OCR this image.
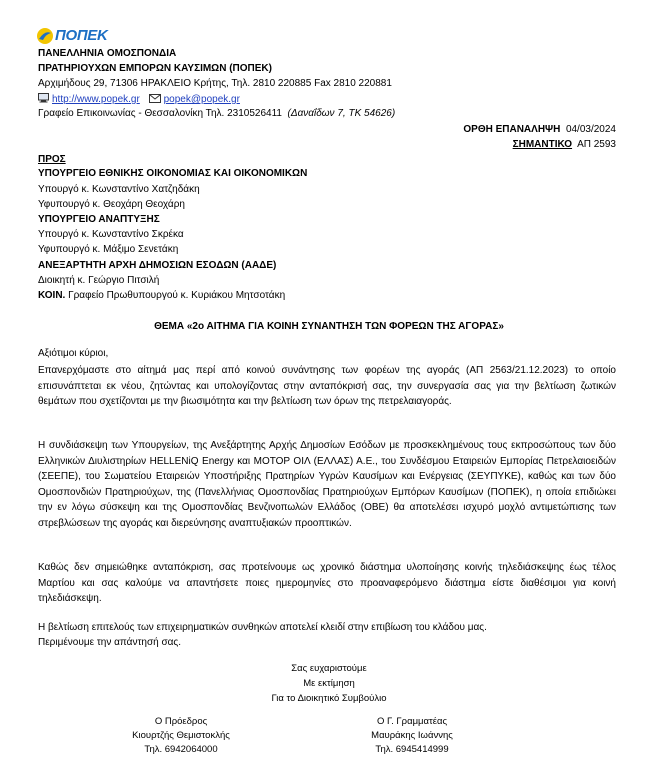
ΠΟΠΕΚ
ΠΑΝΕΛΛΗΝΙΑ ΟΜΟΣΠΟΝΔΙΑ
ΠΡΑΤΗΡΙΟΥΧΩΝ ΕΜΠΟΡΩΝ ΚΑΥΣΙΜΩΝ (ΠΟΠΕΚ)
Αρχιμήδους 29, 71306 ΗΡΑΚΛΕΙΟ Κρήτης, Τηλ. 2810 220885 Fax 2810 220881
http://www.popek.gr popek@popek.gr
Γραφείο Επικοινωνίας - Θεσσαλονίκη Τηλ. 2310526411 (Δαναΐδων 7, ΤΚ 54626)
ΟΡΘΗ ΕΠΑΝΑΛΗΨΗ 04/03/2024
ΣΗΜΑΝΤΙΚΟ ΑΠ 2593
ΠΡΟΣ
ΥΠΟΥΡΓΕΙΟ ΕΘΝΙΚΗΣ ΟΙΚΟΝΟΜΙΑΣ ΚΑΙ ΟΙΚΟΝΟΜΙΚΩΝ
Υπουργό κ. Κωνσταντίνο Χατζηδάκη
Υφυπουργό κ. Θεοχάρη Θεοχάρη
ΥΠΟΥΡΓΕΙΟ ΑΝΑΠΤΥΞΗΣ
Υπουργό κ. Κωνσταντίνο Σκρέκα
Υφυπουργό κ. Μάξιμο Σενετάκη
ΑΝΕΞΑΡΤΗΤΗ ΑΡΧΗ ΔΗΜΟΣΙΩΝ ΕΣΟΔΩΝ (ΑΑΔΕ)
Διοικητή κ. Γεώργιο Πιτσιλή
ΚΟΙΝ. Γραφείο Πρωθυπουργού κ. Κυριάκου Μητσοτάκη
ΘΕΜΑ «2ο ΑΙΤΗΜΑ ΓΙΑ ΚΟΙΝΗ ΣΥΝΑΝΤΗΣΗ ΤΩΝ ΦΟΡΕΩΝ ΤΗΣ ΑΓΟΡΑΣ»
Αξιότιμοι κύριοι,
Επανερχόμαστε στο αίτημά μας περί από κοινού συνάντησης των φορέων της αγοράς (ΑΠ 2563/21.12.2023) το οποίο επισυνάπτεται εκ νέου, ζητώντας και υπολογίζοντας στην ανταπόκρισή σας, την συνεργασία σας για την βελτίωση ζωτικών θεμάτων που σχετίζονται με την βιωσιμότητα και την βελτίωση των όρων της πετρελαιαγοράς.
Η συνδιάσκεψη των Υπουργείων, της Ανεξάρτητης Αρχής Δημοσίων Εσόδων με προσκεκλημένους τους εκπροσώπους των δύο Ελληνικών Διυλιστηρίων HELLENiQ Energy και ΜΟΤΟΡ ΟΙΛ (ΕΛΛΑΣ) Α.Ε., του Συνδέσμου Εταιρειών Εμπορίας Πετρελαιοειδών (ΣΕΕΠΕ), του Σωματείου Εταιρειών Υποστήριξης Πρατηρίων Υγρών Καυσίμων και Ενέργειας (ΣΕΥΠΥΚΕ), καθώς και των δύο Ομοσπονδιών Πρατηριούχων, της (Πανελλήνιας Ομοσπονδίας Πρατηριούχων Εμπόρων Καυσίμων (ΠΟΠΕΚ), η οποία επιδιώκει την εν λόγω σύσκεψη και της Ομοσπονδίας Βενζινοπωλών Ελλάδος (ΟΒΕ) θα αποτελέσει ισχυρό μοχλό αντιμετώπισης των στρεβλώσεων της αγοράς και διερεύνησης αναπτυξιακών προοπτικών.
Καθώς δεν σημειώθηκε ανταπόκριση, σας προτείνουμε ως χρονικό διάστημα υλοποίησης κοινής τηλεδιάσκεψης έως τέλος Μαρτίου και σας καλούμε να απαντήσετε ποιες ημερομηνίες στο προαναφερόμενο διάστημα είστε διαθέσιμοι για κοινή τηλεδιάσκεψη.
Η βελτίωση επιτελούς των επιχειρηματικών συνθηκών αποτελεί κλειδί στην επιβίωση του κλάδου μας.
Περιμένουμε την απάντησή σας.
Σας ευχαριστούμε
Με εκτίμηση
Για το Διοικητικό Συμβούλιο
Ο Πρόεδρος
Κιουρτζής Θεμιστοκλής
Τηλ. 6942064000
Ο Γ. Γραμματέας
Μαυράκης Ιωάννης
Τηλ. 6945414999
